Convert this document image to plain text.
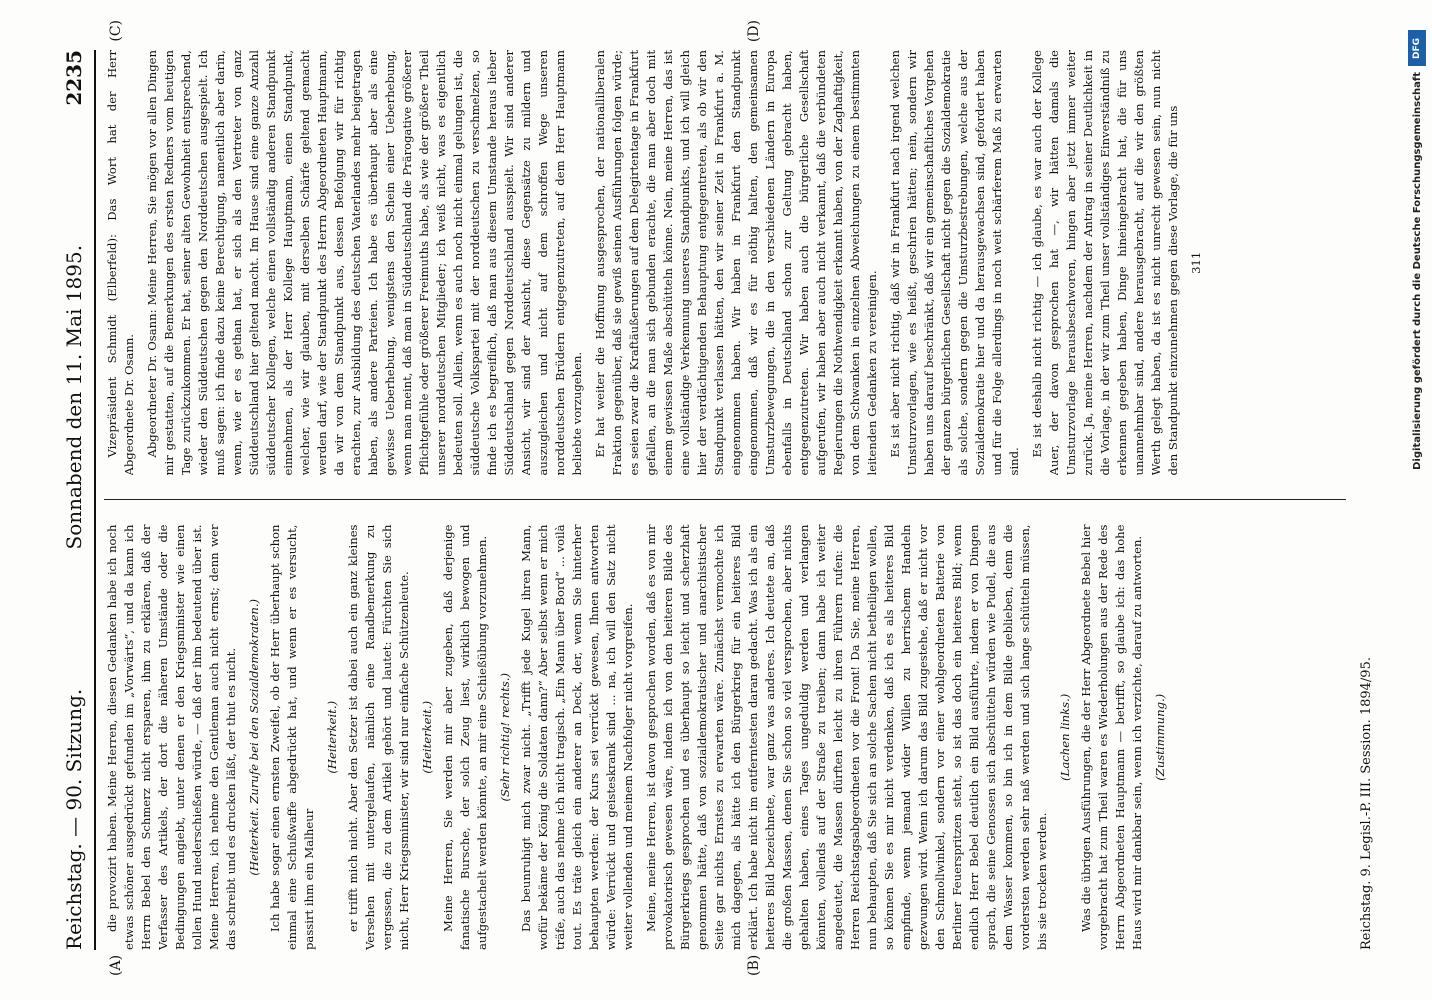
Reichstag. — 90. Sitzung.
Sonnabend den 11. Mai 1895.
2235
(A)	(B)
(C)	(D)

die provozirt haben. Meine Herren, diesen Gedanken habe ich noch etwas schöner ausgedrückt gefunden im „Vorwärts“, und da kann ich Herrn Bebel den Schmerz nicht ersparen, ihm zu erklären, daß der Verfasser des Artikels, der dort die näheren Umstände oder die Bedingungen angiebt, unter denen er den Kriegsminister wie einen tollen Hund niederschießen würde, — daß der ihm bedeutend über ist. Meine Herren, ich nehme den Gentleman auch nicht ernst; denn wer das schreibt und es drucken läßt, der thut es nicht. (Heiterkeit. Zurufe bei den Sozialdemokraten.) Ich habe sogar einen ernsten Zweifel, ob der Herr überhaupt schon einmal eine Schußwaffe abgedrückt hat, und wenn er es versucht, passirt ihm ein Malheur

(Heiterkeit.) er trifft mich nicht. Aber den Setzer ist dabei auch ein ganz kleines Versehen mit untergelaufen, nämlich eine Randbemerkung zu vergessen, die zu dem Artikel gehört und lautet: Fürchten Sie sich nicht, Herr Kriegsminister, wir sind nur einfache Schützenleute. (Heiterkeit.) Meine Herren, Sie werden mir aber zugeben, daß derjenige fanatische Bursche, der solch Zeug liest, wirklich bewogen und aufgestachelt werden könnte, an mir eine Schießübung vorzunehmen. (Sehr richtig! rechts.) Das beunruhigt mich zwar nicht. „Trifft jede Kugel ihren Mann, wofür bekäme der König die Soldaten dann?“ Aber selbst wenn er mich träfe, auch das nehme ich nicht tragisch. „Ein Mann über Bord“ ... voilà tout. Es träte gleich ein anderer an Deck, der, wenn Sie hinterher behaupten werden: der Kurs sei verrückt gewesen, Ihnen antworten würde: Verrückt und geisteskrank sind ... na, ich will den Satz nicht weiter vollenden und meinem Nachfolger nicht vorgreifen. Meine, meine Herren, ist davon gesprochen worden, daß es von mir provokatorisch gewesen wäre, indem ich von den heiteren Bilde des Bürgerkriegs gesprochen und es überhaupt so leicht und scherzhaft genommen hätte, daß von sozialdemokratischer und anarchistischer Seite gar nichts Ernstes zu erwarten wäre. Zunächst vermochte ich mich dagegen, als hätte ich den Bürgerkrieg für ein heiteres Bild erklärt. Ich habe nicht im entferntesten daran gedacht. Was ich als ein heiteres Bild bezeichnete, war ganz was anderes. Ich deutete an, daß die großen Massen, denen Sie schon so viel versprochen, aber nichts gehalten haben, eines Tages ungeduldig werden und verlangen könnten, vollends auf der Straße zu treiben; dann habe ich weiter angedeutet, die Massen dürften leicht zu ihren Führern rufen: die Herren Reichstagsabgeordneten vor die Front! Da Sie, meine Herren, nun behaupten, daß Sie sich an solche Sachen nicht betheiligen wollen, so können Sie es mir nicht verdenken, daß ich es als heiteres Bild empfinde, wenn jemand wider Willen zu herrischem Handeln gezwungen wird. Wenn ich darum das Bild zugestehe, daß er nicht vor den Schmollwinkel, sondern vor einer wohlgeordneten Batterie von Berliner Feuerspritzen steht, so ist das doch ein heiteres Bild; wenn endlich Herr Bebel deutlich ein Bild ausführte, indem er von Dingen sprach, die seine Genossen sich abschütteln würden wie Pudel, die aus dem Wasser kommen, so bin ich in dem Bilde geblieben, denn die vordersten werden sehr naß werden und sich lange schütteln müssen, bis sie trocken werden.

(Lachen links.) Was die übrigen Ausführungen, die der Herr Abgeordnete Bebel hier vorgebracht hat zum Theil waren es Wiederholungen aus der Rede des Herrn Abgeordneten Hauptmann — betrifft, so glaube ich: das hohe Haus wird mir dankbar sein, wenn ich verzichte, darauf zu antworten. (Zustimmung.)

Vizepräsident Schmidt (Elberfeld): Das Wort hat der Herr Abgeordnete Dr. Osann. Abgeordneter Dr. Osann: Meine Herren, Sie mögen vor allen Dingen mir gestatten, auf die Bemerkungen des ersten Redners vom heutigen Tage zurückzukommen. Er hat, seiner alten Gewohnheit entsprechend, wieder den Süddeutschen gegen den Norddeutschen ausgespielt. Ich muß sagen: ich finde dazu keine Berechtigung, namentlich aber darin, wenn, wie er es gethan hat, er sich als den Vertreter von ganz Süddeutschland hier geltend macht. Im Hause sind eine ganze Anzahl süddeutscher Kollegen, welche einen vollständig anderen Standpunkt einnehmen, als der Herr Kollege Hauptmann, einen Standpunkt, welcher, wie wir glauben, mit derselben Schärfe geltend gemacht werden darf, wie der Standpunkt des Herrn Abgeordneten Hauptmann, da wir von dem Standpunkt aus, dessen Befolgung wir für richtig erachten, zur Ausbildung des deutschen Vaterlandes mehr beigetragen haben, als andere Parteien. Ich habe es überhaupt aber als eine gewisse Ueberhebung, wenigstens den Schein einer Ueberhebung, wenn man meint, daß man in Süddeutschland die Prärogative größerer Pflichtgefühle oder größerer Freimuths habe, als wie der größere Theil unserer norddeutschen Mitglieder; ich weiß nicht, was es eigentlich bedeuten soll. Allein, wenn es auch noch nicht einmal gelungen ist, die süddeutsche Volkspartei mit der norddeutschen zu verschmelzen, so finde ich es begreiflich, daß man aus diesem Umstande heraus lieber Süddeutschland gegen Norddeutschland ausspielt. Wir sind anderer Ansicht, wir sind der Ansicht, diese Gegensätze zu mildern und auszugleichen und nicht auf dem schroffen Wege unseren norddeutschen Brüdern entgegenzutreten, auf dem Herr Hauptmann beliebte vorzugehen. Er hat weiter die Hoffnung ausgesprochen, der nationalliberalen Fraktion gegenüber, daß sie gewiß seinen Ausführungen folgen würde; es seien zwar die Kraftäußerungen auf dem Delegirtentage in Frankfurt gefallen, an die man sich gebunden erachte, die man aber doch mit einem gewissen Maße abschütteln könne. Nein, meine Herren, das ist eine vollständige Verkennung unseres Standpunkts, und ich will gleich hier der verdächtigenden Behauptung entgegentreten, als ob wir den Standpunkt verlassen hätten, den wir seiner Zeit in Frankfurt a. M. eingenommen haben. Wir haben in Frankfurt den Standpunkt eingenommen, daß wir es für nöthig halten, den gemeinsamen Umsturzbewegungen, die in den verschiedenen Ländern in Europa ebenfalls in Deutschland schon zur Geltung gebracht haben, entgegenzutreten. Wir haben auch die bürgerliche Gesellschaft aufgerufen, wir haben aber auch nicht verkannt, daß die verbündeten Regierungen die Nothwendigkeit erkannt haben, von der Zaghaftigkeit, von dem Schwanken in einzelnen Abweichungen zu einem bestimmten leitenden Gedanken zu vereinigen. Es ist aber nicht richtig, daß wir in Frankfurt nach irgend welchen Umsturzvorlagen, wie es heißt, geschrien hätten; nein, sondern wir haben uns darauf beschränkt, daß wir ein gemeinschaftliches Vorgehen der ganzen bürgerlichen Gesellschaft nicht gegen die Sozialdemokratie als solche, sondern gegen die Umsturzbestrebungen, welche aus der Sozialdemokratie hier und da herausgewachsen sind, gefordert haben und für die Folge allerdings in noch weit schärferem Maß zu erwarten sind.

Es ist deshalb nicht richtig — ich glaube, es war auch der Kollege Auer, der davon gesprochen hat —, wir hätten damals die Umsturzvorlage herausbeschworen, hingen aber jetzt immer weiter zurück. Ja, meine Herren, nachdem der Antrag in seiner Deutlichkeit in die Vorlage, in der wir zum Theil unser vollständiges Einverständniß zu erkennen gegeben haben, Dinge hineingebracht hat, die für uns unannehmbar sind, andere herausgebracht, auf die wir den größten Werth gelegt haben, da ist es nicht unrecht gewesen sein, nun nicht den Standpunkt einzunehmen gegen diese Vorlage, die für uns 311

Reichstag. 9. Legisl.-P. III. Session. 1894/95.
DFG
Digitalisierung gefördert durch die Deutsche Forschungsgemeinschaft
